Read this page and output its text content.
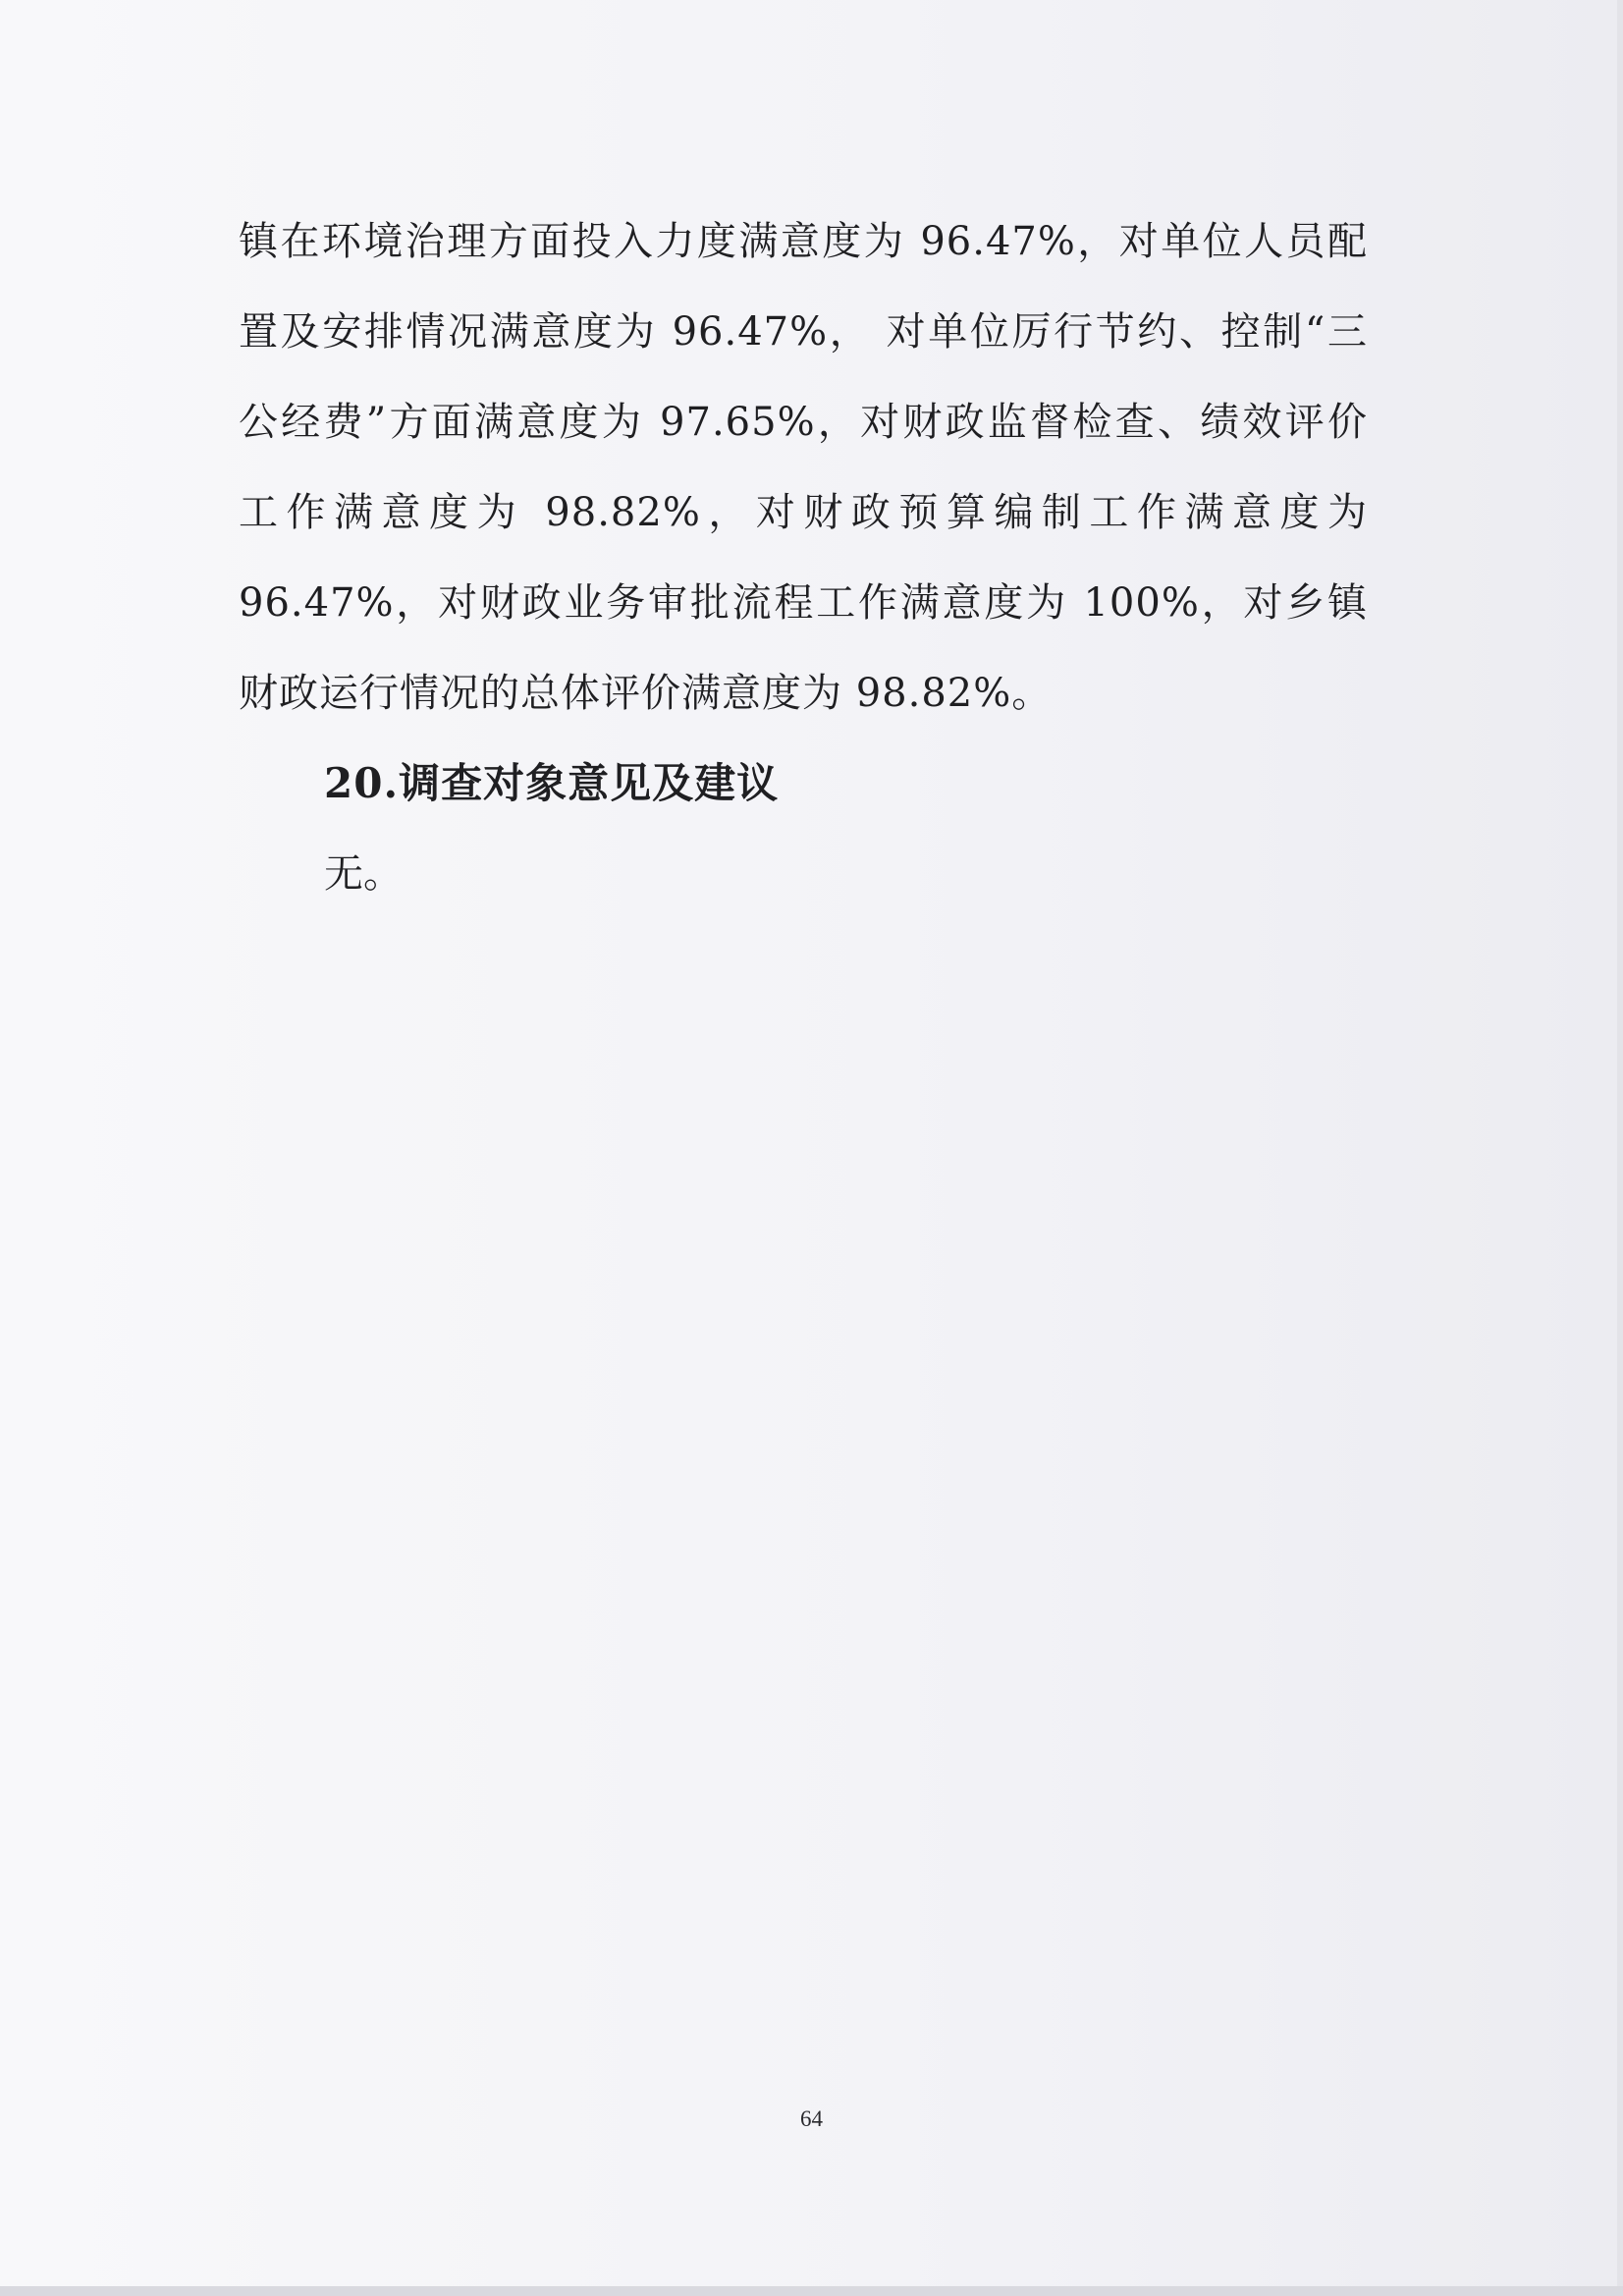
镇在环境治理方面投入力度满意度为 96.47%，对单位人员配
置及安排情况满意度为 96.47%， 对单位厉行节约、控制“三
公经费”方面满意度为 97.65%，对财政监督检查、绩效评价
工作满意度为 98.82%，对财政预算编制工作满意度为
96.47%，对财政业务审批流程工作满意度为 100%，对乡镇
财政运行情况的总体评价满意度为 98.82%。
20.调查对象意见及建议
无。
64
